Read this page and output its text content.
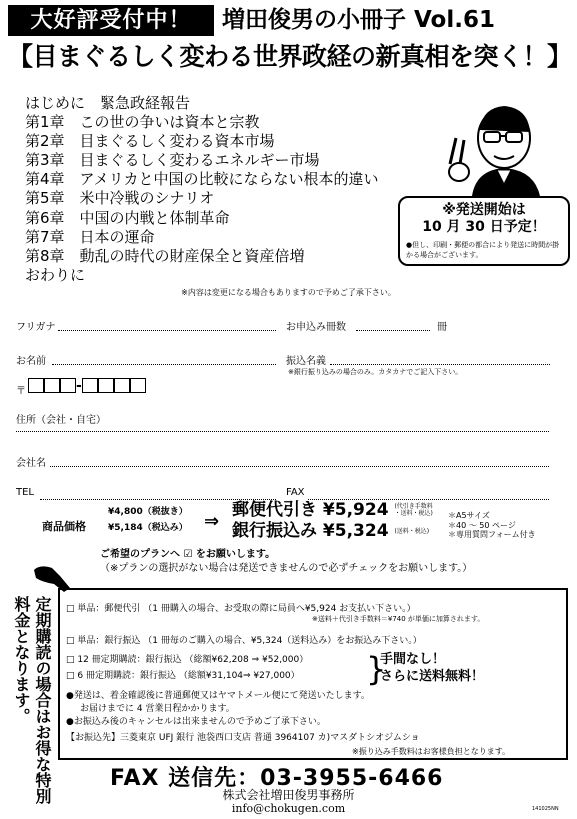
大好評受付中！	増田俊男の小冊子 Vol.61
【目まぐるしく変わる世界政経の新真相を突く！】
はじめに　緊急政経報告
第1章　この世の争いは資本と宗教
第2章　目まぐるしく変わる資本市場
第3章　目まぐるしく変わるエネルギー市場
第4章　アメリカと中国の比較にならない根本的違い
第5章　米中冷戦のシナリオ
第6章　中国の内戦と体制革命
第7章　日本の運命
第8章　動乱の時代の財産保全と資産倍増
おわりに
※発送開始は
10 月 30 日予定！
●但し、印刷・郵便の都合により発送に時間が掛かる場合がございます。
※内容は変更になる場合もありますので予めご了承下さい。
フリガナ	お申込み冊数	冊
お名前	振込名義
※銀行振り込みの場合のみ。カタカナでご記入下さい。
〒	-
住所（会社・自宅）
会社名
TEL	FAX
商品価格
¥4,800（税抜き）
¥5,184（税込み） ⇒
郵便代引き ¥5,924 (代引き手数料
・送料・税込)
銀行振込み ¥5,324 (送料・税込)
＊A5サイズ
＊40 〜 50 ページ
＊専用質問フォーム付き
ご希望のプランへ ☑ をお願いします。
（※プランの選択がない場合は発送できませんので必ずチェックをお願いします。）
定期購読の場合はお得な特別料金となります。	□ 単品：郵便代引 （1 冊購入の場合、お受取の際に局員へ¥5,924 お支払い下さい。）
※送料＋代引き手数料＝¥740 が単価に加算されます。
□ 単品：銀行振込 （1 冊毎のご購入の場合、¥5,324（送料込み）をお振込み下さい。）
□ 12 冊定期購読：銀行振込 （総額¥62,208 ⇒ ¥52,000）
□ 6 冊定期購読：銀行振込 （総額¥31,104⇒ ¥27,000） }
手間なし！
さらに送料無料！
●発送は、着金確認後に普通郵便又はヤマトメール便にて発送いたします。
お届けまでに 4 営業日程かかります。
●お振込み後のキャンセルは出来ませんので予めご了承下さい。
【お振込先】三菱東京 UFJ 銀行 池袋西口支店 普通 3964107 カ)マスダトシオジムショ
※振り込み手数料はお客様負担となります。
FAX 送信先：03-3955-6466
株式会社増田俊男事務所
info@chokugen.com	141025NN
